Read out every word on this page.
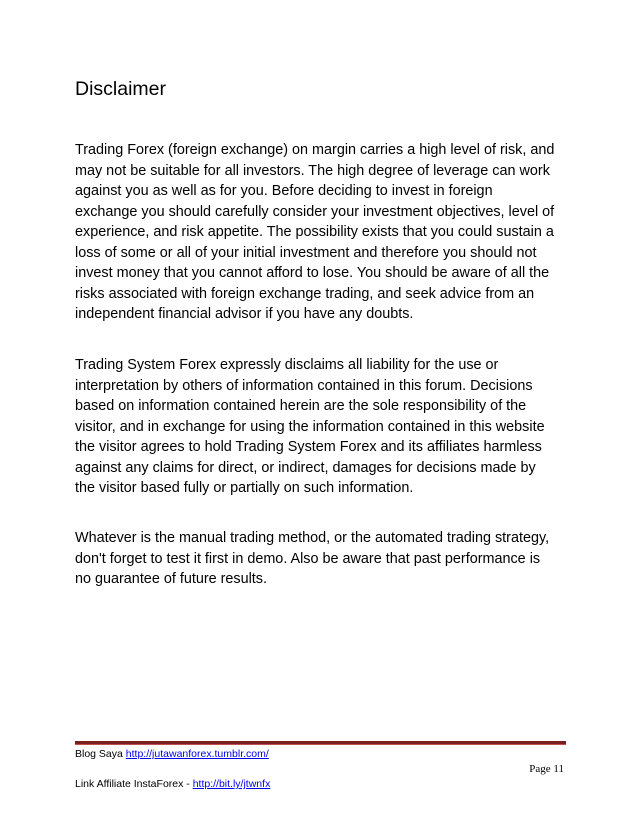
Disclaimer

Trading Forex (foreign exchange) on margin carries a high level of risk, and
may not be suitable for all investors. The high degree of leverage can work
against you as well as for you. Before deciding to invest in foreign
exchange you should carefully consider your investment objectives, level of
experience, and risk appetite. The possibility exists that you could sustain a
loss of some or all of your initial investment and therefore you should not
invest money that you cannot afford to lose. You should be aware of all the
risks associated with foreign exchange trading, and seek advice from an
independent financial advisor if you have any doubts.

Trading System Forex expressly disclaims all liability for the use or
interpretation by others of information contained in this forum. Decisions
based on information contained herein are the sole responsibility of the
visitor, and in exchange for using the information contained in this website
the visitor agrees to hold Trading System Forex and its affiliates harmless
against any claims for direct, or indirect, damages for decisions made by
the visitor based fully or partially on such information.

Whatever is the manual trading method, or the automated trading strategy,
don't forget to test it first in demo. Also be aware that past performance is
no guarantee of future results.

Blog Saya http://jutawanforex.tumblr.com/
Page 11
Link Affiliate InstaForex - http://bit.ly/jtwnfx
